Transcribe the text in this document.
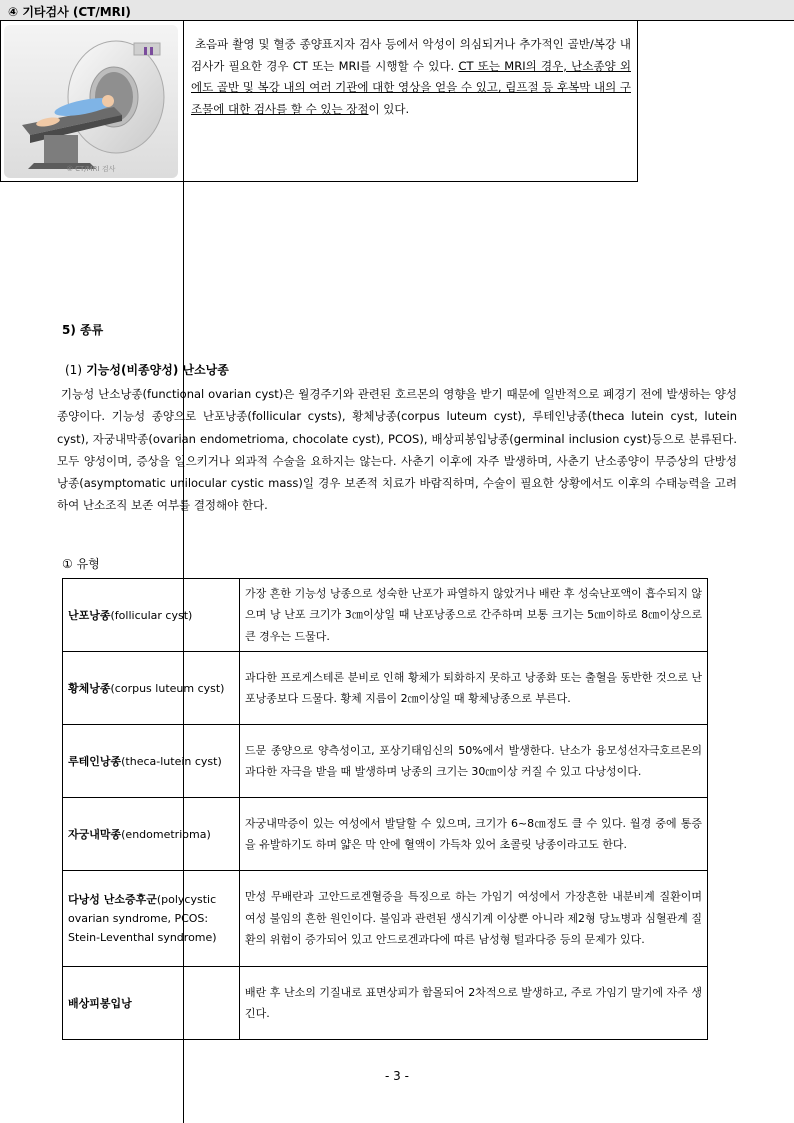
④ 기타검사 (CT/MRI)
④ CT/MRI 검사
초음파 촬영 및 혈중 종양표지자 검사 등에서 악성이 의심되거나 추가적인 골반/복강 내 검사가 필요한 경우 CT 또는 MRI를 시행할 수 있다. CT 또는 MRI의 경우, 난소종양 외에도 골반 및 복강 내의 여러 기관에 대한 영상을 얻을 수 있고, 림프절 등 후복막 내의 구조물에 대한 검사를 할 수 있는 장점이 있다.
5) 종류
(1) 기능성(비종양성) 난소낭종
기능성 난소낭종(functional ovarian cyst)은 월경주기와 관련된 호르몬의 영향을 받기 때문에 일반적으로 폐경기 전에 발생하는 양성종양이다. 기능성 종양으로 난포낭종(follicular cysts), 황체낭종(corpus luteum cyst), 루테인낭종(theca lutein cyst, lutein cyst), 자궁내막종(ovarian endometrioma, chocolate cyst), PCOS), 배상피봉입낭종(germinal inclusion cyst)등으로 분류된다. 모두 양성이며, 증상을 일으키거나 외과적 수술을 요하지는 않는다. 사춘기 이후에 자주 발생하며, 사춘기 난소종양이 무증상의 단방성 낭종(asymptomatic unilocular cystic mass)일 경우 보존적 치료가 바람직하며, 수술이 필요한 상황에서도 이후의 수태능력을 고려하여 난소조직 보존 여부를 결정해야 한다.
① 유형
난포낭종(follicular cyst)	가장 흔한 기능성 낭종으로 성숙한 난포가 파열하지 않았거나 배란 후 성숙난포액이 흡수되지 않으며 낭 난포 크기가 3㎝이상일 때 난포낭종으로 간주하며 보통 크기는 5㎝이하로 8㎝이상으로 큰 경우는 드물다.
황체낭종(corpus luteum cyst)	과다한 프로게스테론 분비로 인해 황체가 퇴화하지 못하고 낭종화 또는 출혈을 동반한 것으로 난포낭종보다 드물다. 황체 지름이 2㎝이상일 때 황체낭종으로 부른다.
루테인낭종(theca-lutein cyst)	드문 종양으로 양측성이고, 포상기태임신의 50%에서 발생한다. 난소가 융모성선자극호르몬의 과다한 자극을 받을 때 발생하며 낭종의 크기는 30㎝이상 커질 수 있고 다낭성이다.
자궁내막종(endometrioma)	자궁내막증이 있는 여성에서 발달할 수 있으며, 크기가 6~8㎝정도 클 수 있다. 월경 중에 통증을 유발하기도 하며 얇은 막 안에 혈액이 가득차 있어 초콜릿 낭종이라고도 한다.
다낭성 난소증후군(polycystic ovarian syndrome, PCOS: Stein-Leventhal syndrome)	만성 무배란과 고안드로겐혈증을 특징으로 하는 가임기 여성에서 가장흔한 내분비계 질환이며 여성 불임의 흔한 원인이다. 불임과 관련된 생식기계 이상뿐 아니라 제2형 당뇨병과 심혈관계 질환의 위험이 증가되어 있고 안드로겐과다에 따른 남성형 털과다증 등의 문제가 있다.
배상피봉입낭	배란 후 난소의 기질내로 표면상피가 함몰되어 2차적으로 발생하고, 주로 가임기 말기에 자주 생긴다.
- 3 -
